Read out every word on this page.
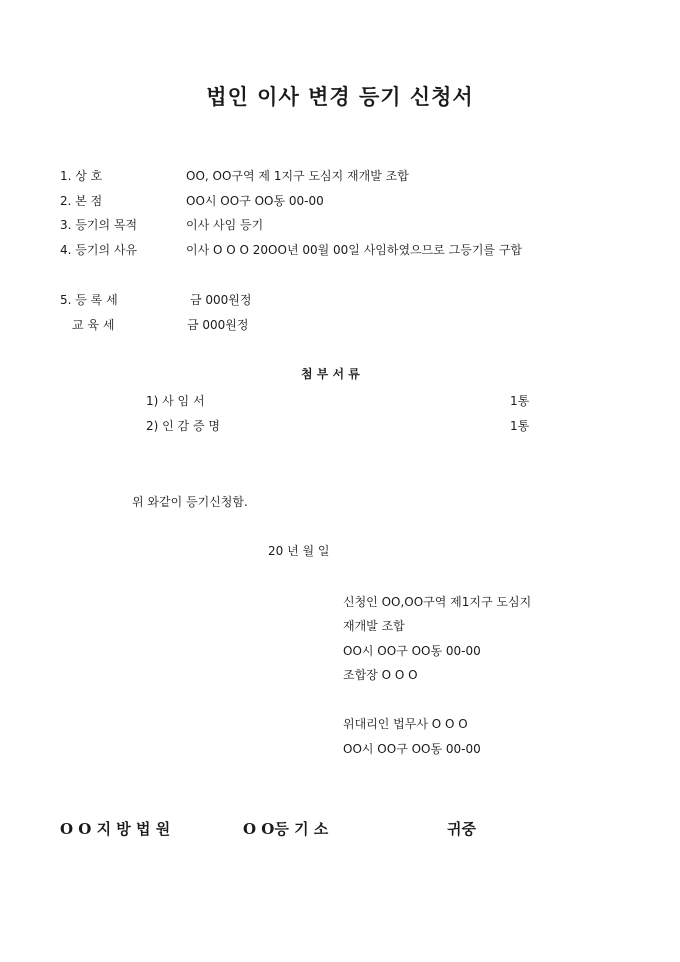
법인 이사 변경 등기 신청서
1. 상 호	OO, OO구역 제 1지구 도심지 재개발 조합
2. 본 점	OO시 OO구 OO동 00-00
3. 등기의 목적	이사 사임 등기
4. 등기의 사유	이사 O O O 20OO년 00월 00일 사임하였으므로 그등기를 구합
5. 등 록 세	금 000원정
교 육 세	금 000원정
첨 부 서 류
1) 사 임 서	1통
2) 인 감 증 명	1통
위 와같이 등기신청함.
20 년 월 일
신청인 OO,OO구역 제1지구 도심지
재개발 조합
OO시 OO구 OO동 00-00
조합장 O O O
위대리인 법무사 O O O
OO시 OO구 OO동 00-00
O O 지 방 법 원	O O등 기 소	귀중
